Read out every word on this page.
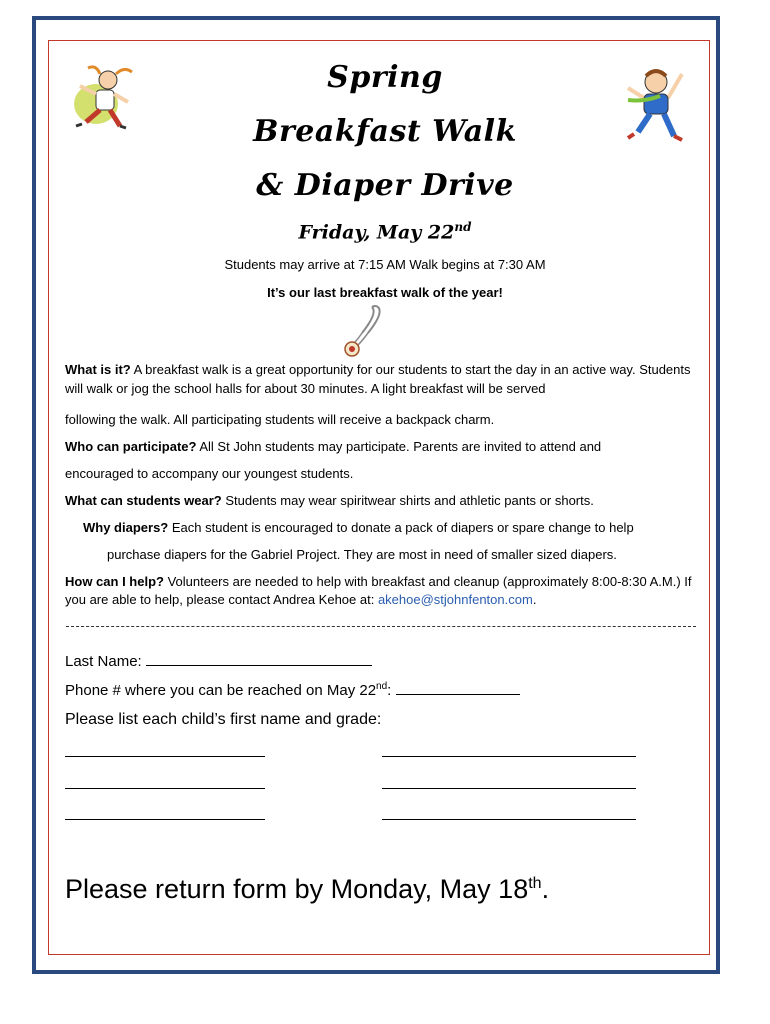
Spring
Breakfast Walk
& Diaper Drive
Friday, May 22nd
Students may arrive at 7:15 AM Walk begins at 7:30 AM
It’s our last breakfast walk of the year!
What is it? A breakfast walk is a great opportunity for our students to start the day in an active way. Students will walk or jog the school halls for about 30 minutes. A light breakfast will be served
following the walk. All participating students will receive a backpack charm.
Who can participate? All St John students may participate. Parents are invited to attend and
encouraged to accompany our youngest students.
What can students wear? Students may wear spiritwear shirts and athletic pants or shorts.
Why diapers? Each student is encouraged to donate a pack of diapers or spare change to help
purchase diapers for the Gabriel Project. They are most in need of smaller sized diapers.
How can I help? Volunteers are needed to help with breakfast and cleanup (approximately 8:00-8:30 A.M.) If you are able to help, please contact Andrea Kehoe at: akehoe@stjohnfenton.com.
Last Name:
Phone # where you can be reached on May 22nd:
Please list each child’s first name and grade:
Please return form by Monday, May 18th.
